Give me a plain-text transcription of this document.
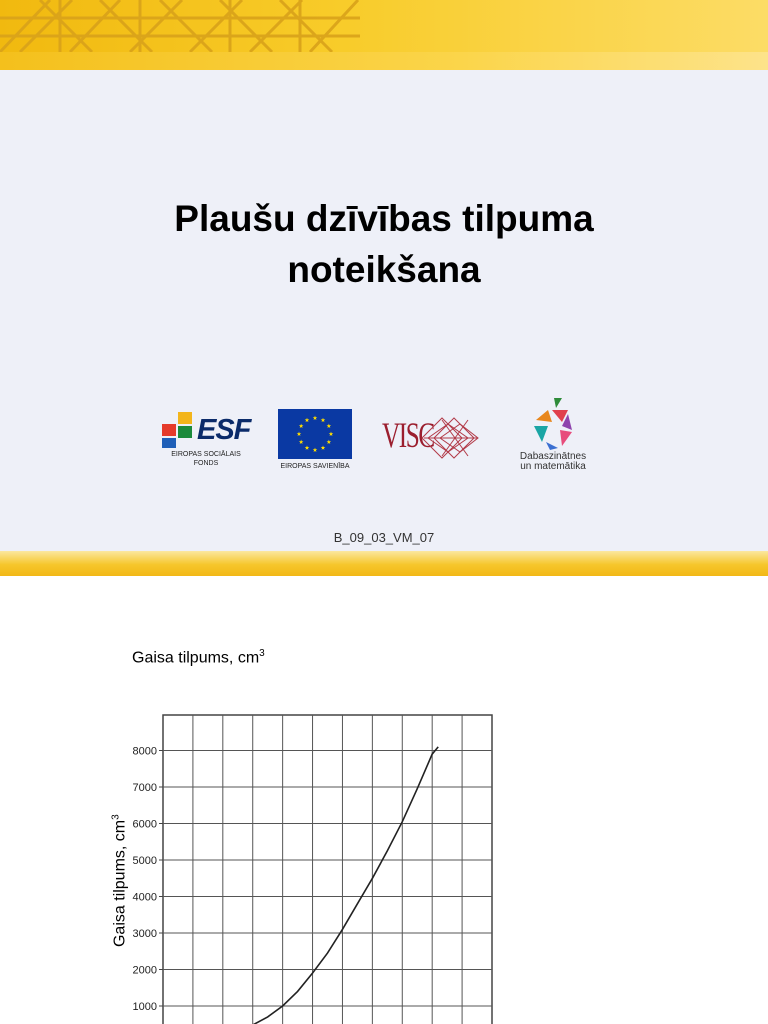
Plaušu dzīvības tilpuma
noteikšana
ESF
EIROPAS SOCIĀLAIS
FONDS	EIROPAS SAVIENĪBA
VISC
Dabaszinātnes
un matemātika
B_09_03_VM_07
Gaisa tilpums, $cm^3$
Gaisa tilpums, $cm^3$
1000
2000
3000
4000
5000
6000
7000
8000
